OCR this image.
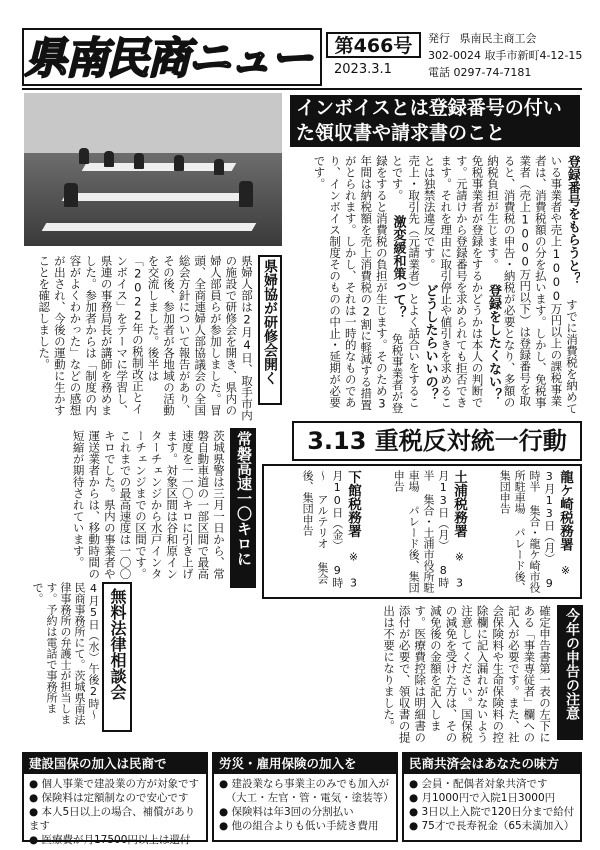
県南民商ニュー	第466号
2023.3.1
発行 県南民主商工会
302-0024 取手市新町4-12-15
電話 0297-74-7181
インボイスとは登録番号の付いた領収書や請求書のこと
登録番号をもらうと？ すでに消費税を納めている事業者や売上1000万円以上の課税事業者は、消費税額の分を払います。しかし、免税事業者（売上1000万円以下）は登録番号を取ると、消費税の申告・納税が必要となり、多額の納税負担が生じます。 登録をしたくない？ 免税事業者が登録をするかどうかは本人の判断です。元請けから登録番号を求められても拒否できます。それを理由に取引停止や値引きを求めることは独禁法違反です。 どうしたらいいの？ 売上・取引先（元請業者）とよく話合いをすることです。 激変緩和策って？ 免税事業者が登録をすると消費税の負担が生じます。そのため3年間は納税額を売上消費税の2割に軽減する措置がとられます。しかし、それは一時的なものであり、インボイス制度そのものの中止・延期が必要です。
県婦協が研修会開く
県婦人部は2月4日、取手市内の施設で研修会を開き、県内の婦人部員らが参加しました。冒頭、全商連婦人部協議会の全国総会方針について報告があり、その後、参加者が各地域の活動を交流しました。後半は「2022年の税制改正とインボイス」をテーマに学習し、県連の事務局長が講師を務めました。参加者からは「制度の内容がよくわかった」などの感想が出され、今後の運動に生かすことを確認しました。
常磐高速一〇キロに
茨城県警は三月一日から、常磐自動車道の一部区間で最高速度を一一〇キロに引き上げます。対象区間は谷和原インターチェンジから水戸インターチェンジまでの区間です。これまでの最高速度は一〇〇キロでした。県内の事業者や運送業者からは、移動時間の短縮が期待されています。	3.13 重税反対統一行動
龍ケ崎税務署 ※ 3月13日（月） 9時半 集合・龍ケ崎市役所駐車場 パレード後、集団申告
土浦税務署 ※ 3月13日（月） 8時半 集合・土浦市役所駐車場 パレード後、集団申告
下館税務署 ※ 3月10日（金） 9時～ アルテリオ 集会後、集団申告
無料法律相談会
4月5日（水）午後2時～ 民商事務所にて。茨城県南法律事務所の弁護士が担当します。予約は電話で事務所まで。
今年の申告の注意
確定申告書第一表の左下にある「事業専従者」欄への記入が必要です。また、社会保険料や生命保険料の控除欄に記入漏れがないよう注意してください。国保税の減免を受けた方は、その減免後の金額を記入します。医療費控除は明細書の添付が必要で、領収書の提出は不要になりました。
建設国保の加入は民商で
● 個人事業で建設業の方が対象です
● 保険料は定額制なので安心です
● 本人5日以上の場合、補償があります
● 医療費が月17500円以上は還付
労災・雇用保険の加入を
● 建設業なら事業主のみでも加入が
（大工・左官・管・電気・塗装等）
● 保険料は年3回の分割払い
● 他の組合よりも低い手続き費用
民商共済会はあなたの味方
● 会員・配偶者対象共済です
● 月1000円で入院1日3000円
● 3日以上入院で120日分まで給付
● 75才で長寿祝金（65未満加入）
